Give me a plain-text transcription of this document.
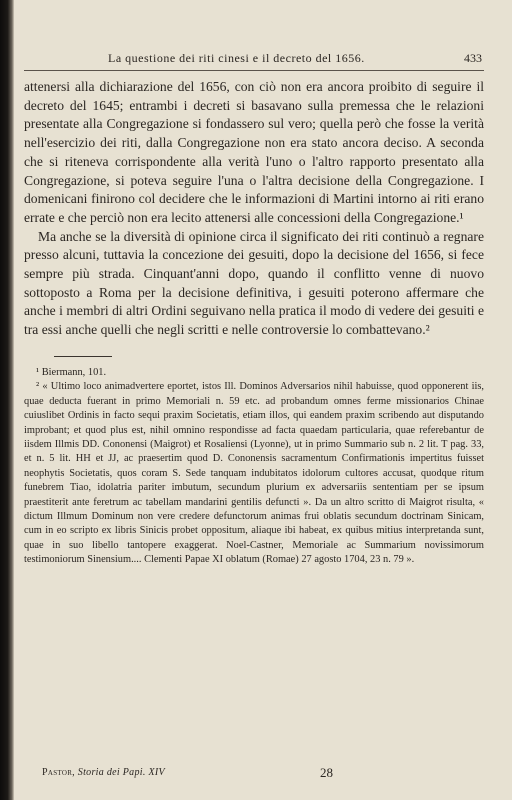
La questione dei riti cinesi e il decreto del 1656.	433

attenersi alla dichiarazione del 1656, con ciò non era ancora proibito di seguire il decreto del 1645; entrambi i decreti si basavano sulla premessa che le relazioni presentate alla Congregazione si fondassero sul vero; quella però che fosse la verità nell'esercizio dei riti, dalla Congregazione non era stato ancora deciso. A seconda che si riteneva corrispondente alla verità l'uno o l'altro rapporto presentato alla Congregazione, si poteva seguire l'una o l'altra decisione della Congregazione. I domenicani finirono col decidere che le informazioni di Martini intorno ai riti erano errate e che perciò non era lecito attenersi alle concessioni della Congregazione.¹

Ma anche se la diversità di opinione circa il significato dei riti continuò a regnare presso alcuni, tuttavia la concezione dei gesuiti, dopo la decisione del 1656, si fece sempre più strada. Cinquant'anni dopo, quando il conflitto venne di nuovo sottoposto a Roma per la decisione definitiva, i gesuiti poterono affermare che anche i membri di altri Ordini seguivano nella pratica il modo di vedere dei gesuiti e tra essi anche quelli che negli scritti e nelle controversie lo combattevano.²

¹ Biermann, 101.

² « Ultimo loco animadvertere eportet, istos Ill. Dominos Adversarios nihil habuisse, quod opponerent iis, quae deducta fuerant in primo Memoriali n. 59 etc. ad probandum omnes ferme missionarios Chinae cuiuslibet Ordinis in facto sequi praxim Societatis, etiam illos, qui eandem praxim scribendo aut disputando improbant; et quod plus est, nihil omnino respondisse ad facta quaedam particularia, quae referebantur de iisdem Illmis DD. Cononensi (Maigrot) et Rosaliensi (Lyonne), ut in primo Summario sub n. 2 lit. T pag. 33, et n. 5 lit. HH et JJ, ac praesertim quod D. Cononensis sacramentum Confirmationis impertitus fuisset neophytis Societatis, quos coram S. Sede tanquam indubitatos idolorum cultores accusat, quodque ritum funebrem Tiao, idolatria pariter imbutum, secundum plurium ex adversariis sententiam per se ipsum praestiterit ante feretrum ac tabellam mandarini gentilis defuncti ». Da un altro scritto di Maigrot risulta, « dictum Illmum Dominum non vere credere defunctorum animas frui oblatis secundum doctrinam Sinicam, cum in eo scripto ex libris Sinicis probet oppositum, aliaque ibi habeat, ex quibus mitius interpretanda sunt, quae in suo libello tantopere exaggerat. Noel-Castner, Memoriale ac Summarium novissimorum testimoniorum Sinensium.... Clementi Papae XI oblatum (Romae) 27 agosto 1704, 23 n. 79 ».

Pastor, Storia dei Papi. XIV	28
